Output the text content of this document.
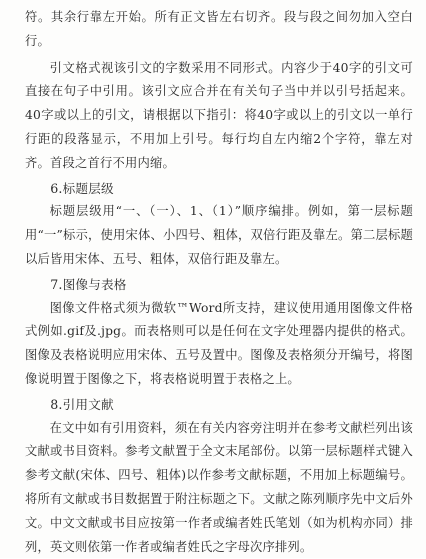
符。其余行靠左开始。所有正文皆左右切齐。段与段之间勿加入空白行。

引文格式视该引文的字数采用不同形式。内容少于40字的引文可直接在句子中引用。该引文应合并在有关句子当中并以引号括起来。40字或以上的引文，请根据以下指引：将40字或以上的引文以一单行行距的段落显示，不用加上引号。每行均自左内缩2个字符，靠左对齐。首段之首行不用内缩。

6.标题层级

标题层级用“一、（一）、1、（1）”顺序编排。例如，第一层标题用“一”标示，使用宋体、小四号、粗体，双倍行距及靠左。第二层标题以后皆用宋体、五号、粗体，双倍行距及靠左。

7.图像与表格

图像文件格式须为微软™Word所支持，建议使用通用图像文件格式例如.gif及.jpg。而表格则可以是任何在文字处理器内提供的格式。图像及表格说明应用宋体、五号及置中。图像及表格须分开编号，将图像说明置于图像之下，将表格说明置于表格之上。

8.引用文献

在文中如有引用资料，须在有关内容旁注明并在参考文献栏列出该文献或书目资料。参考文献置于全文末尾部份。以第一层标题样式键入参考文献(宋体、四号、粗体)以作参考文献标题，不用加上标题编号。将所有文献或书目数据置于附注标题之下。文献之陈列顺序先中文后外文。中文文献或书目应按第一作者或编者姓氏笔划（如为机构亦同）排列，英文则依第一作者或编者姓氏之字母次序排列。
